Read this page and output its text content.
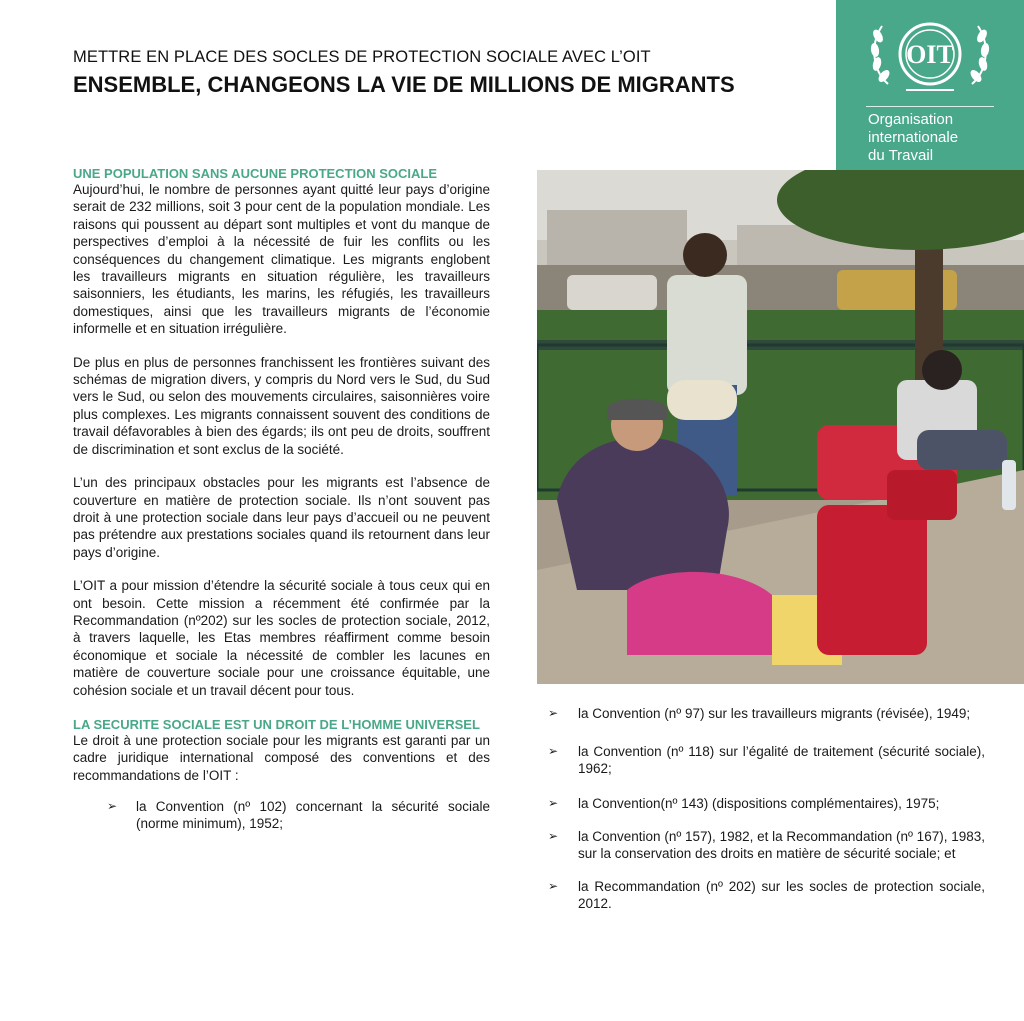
METTRE EN PLACE DES SOCLES DE PROTECTION SOCIALE AVEC L’OIT
ENSEMBLE, CHANGEONS LA VIE DE MILLIONS DE MIGRANTS
OIT
Organisation
internationale
du Travail
UNE POPULATION SANS AUCUNE PROTECTION SOCIALE

Aujourd’hui, le nombre de personnes ayant quitté leur pays d’origine serait de 232 millions, soit 3 pour cent de la population mondiale. Les raisons qui poussent au départ sont multiples et vont du manque de perspectives d’emploi à la nécessité de fuir les conflits ou les conséquences du changement climatique. Les migrants englobent les travailleurs migrants en situation régulière, les travailleurs saisonniers, les étudiants, les marins, les réfugiés, les travailleurs domestiques, ainsi que les travailleurs migrants de l’économie informelle et en situation irrégulière.

De plus en plus de personnes franchissent les frontières suivant des schémas de migration divers, y compris du Nord vers le Sud, du Sud vers le Sud, ou selon des mouvements circulaires, saisonnières voire plus complexes. Les migrants connaissent souvent des conditions de travail défavorables à bien des égards; ils ont peu de droits, souffrent de discrimination et sont exclus de la société.

L’un des principaux obstacles pour les migrants est l’absence de couverture en matière de protection sociale. Ils n’ont souvent pas droit à une protection sociale dans leur pays d’accueil ou ne peuvent pas prétendre aux prestations sociales quand ils retournent dans leur pays d’origine.

L’OIT a pour mission d’étendre la sécurité sociale à tous ceux qui en ont besoin. Cette mission a récemment été confirmée par la Recommandation (nº202) sur les socles de protection sociale, 2012, à travers laquelle, les Etas membres réaffirment comme besoin économique et sociale la nécessité de combler les lacunes en matière de couverture sociale pour une croissance équitable, une cohésion sociale et un travail décent pour tous.

LA SECURITE SOCIALE EST UN DROIT DE L’HOMME UNIVERSEL

Le droit à une protection sociale pour les migrants est garanti par un cadre juridique international composé des conventions et des recommandations de l’OIT :

➢ la Convention (nº 102) concernant la sécurité sociale (norme minimum), 1952;
➢ la Convention (nº 97) sur les travailleurs migrants (révisée), 1949;
➢ la Convention (nº 118) sur l’égalité de traitement (sécurité sociale), 1962;
➢ la Convention(nº 143) (dispositions complémentaires), 1975;
➢ la Convention (nº 157), 1982, et la Recommandation (nº 167), 1983, sur la conservation des droits en matière de sécurité sociale; et
➢ la Recommandation (nº 202) sur les socles de protection sociale, 2012.
